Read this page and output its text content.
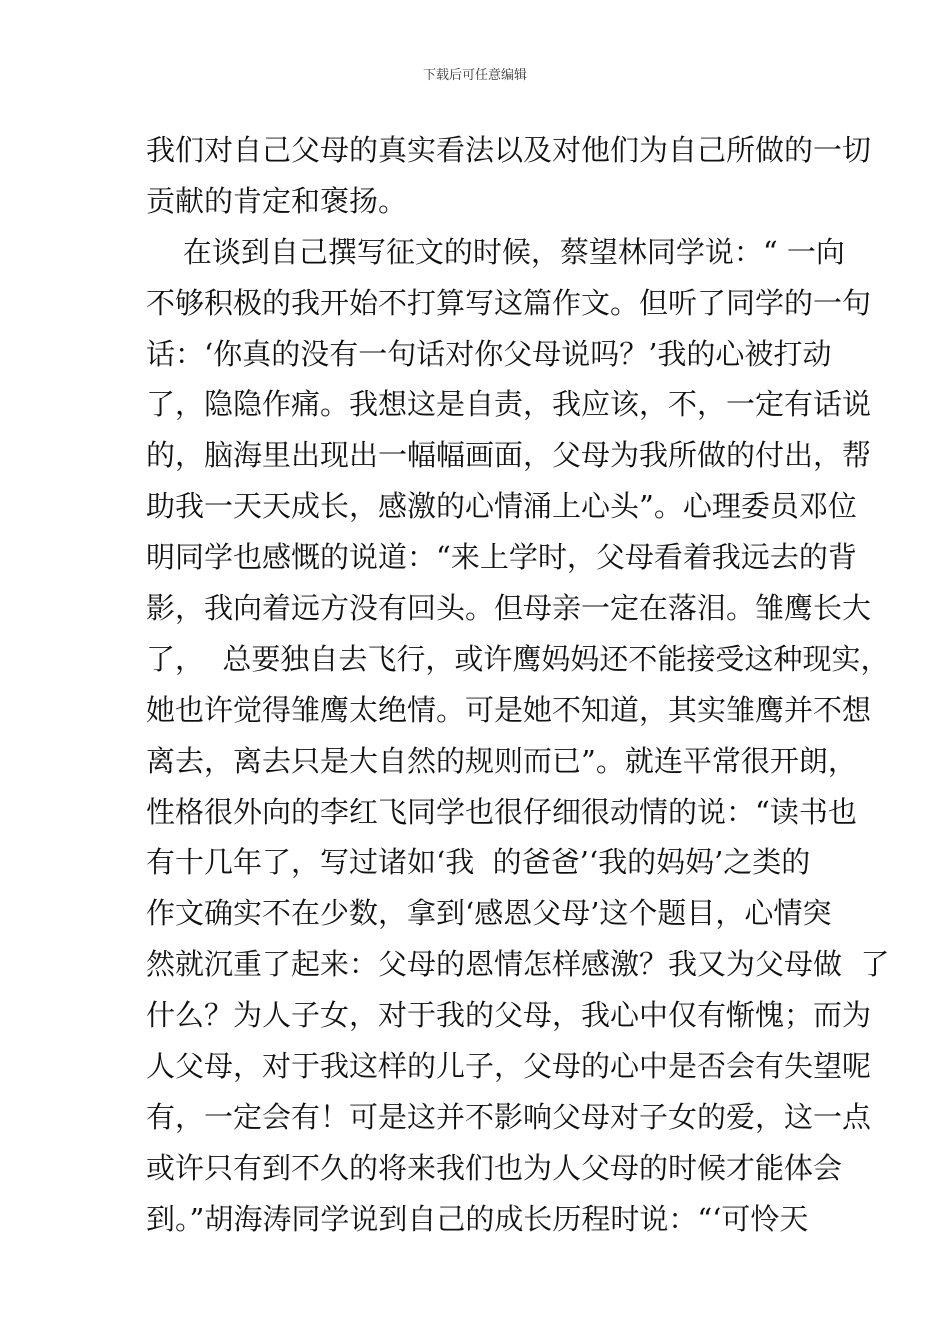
下载后可任意编辑
我们对自己父母的真实看法以及对他们为自己所做的一切
贡献的肯定和褒扬。
在谈到自己撰写征文的时候，蔡望林同学说：“ 一向
不够积极的我开始不打算写这篇作文。但听了同学的一句
话：‘你真的没有一句话对你父母说吗？’我的心被打动
了，隐隐作痛。我想这是自责，我应该，不，一定有话说
的，脑海里出现出一幅幅画面，父母为我所做的付出，帮
助我一天天成长，感激的心情涌上心头”。心理委员邓位
明同学也感慨的说道：“来上学时，父母看着我远去的背
影，我向着远方没有回头。但母亲一定在落泪。雏鹰长大
了，  总要独自去飞行，或许鹰妈妈还不能接受这种现实，
她也许觉得雏鹰太绝情。可是她不知道，其实雏鹰并不想
离去，离去只是大自然的规则而已”。就连平常很开朗，
性格很外向的李红飞同学也很仔细很动情的说：“读书也
有十几年了，写过诸如‘我  的爸爸’‘我的妈妈’之类的
作文确实不在少数，拿到‘感恩父母’这个题目，心情突
然就沉重了起来：父母的恩情怎样感激？我又为父母做  了
什么？为人子女，对于我的父母，我心中仅有惭愧；而为
人父母，对于我这样的儿子，父母的心中是否会有失望呢
有，一定会有！可是这并不影响父母对子女的爱，这一点
或许只有到不久的将来我们也为人父母的时候才能体会
到。”胡海涛同学说到自己的成长历程时说：“‘可怜天
